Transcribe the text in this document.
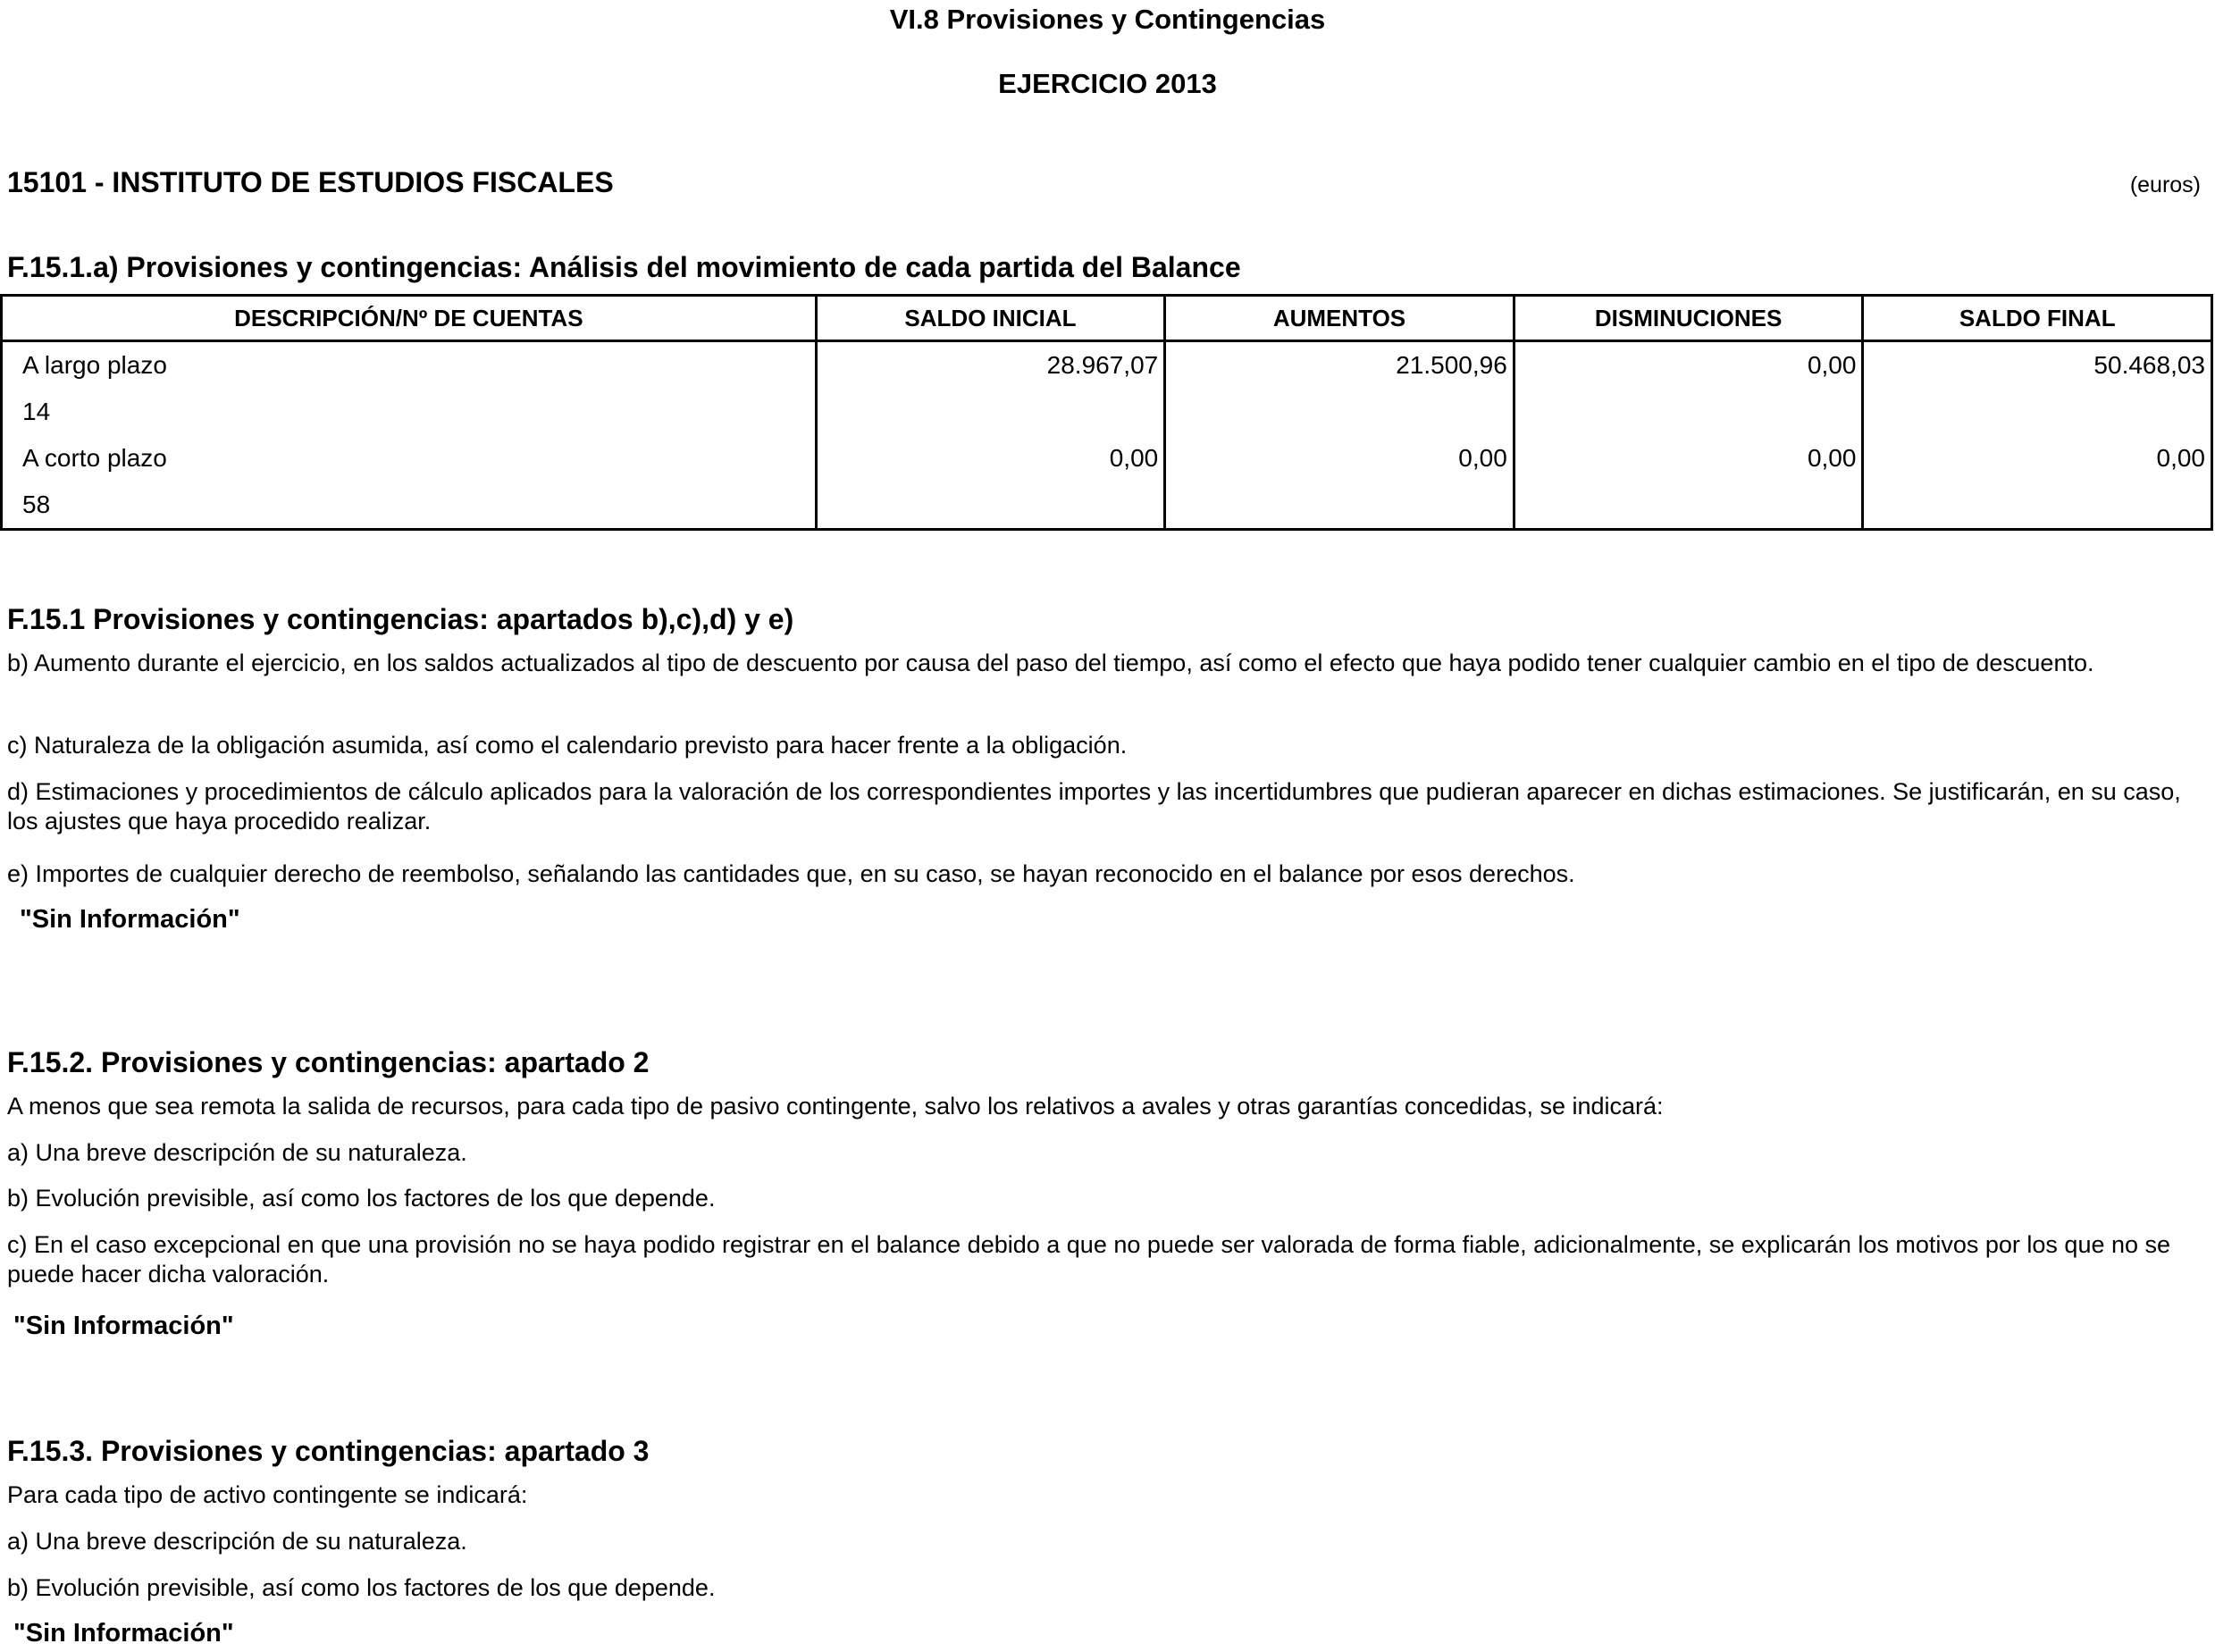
VI.8 Provisiones y Contingencias
EJERCICIO 2013
15101 - INSTITUTO DE ESTUDIOS FISCALES	(euros)
F.15.1.a) Provisiones y contingencias: Análisis del movimiento de cada partida del Balance
DESCRIPCIÓN/Nº DE CUENTAS	SALDO INICIAL	AUMENTOS	DISMINUCIONES	SALDO FINAL
A largo plazo	28.967,07	21.500,96	0,00	50.468,03
14				
A corto plazo	0,00	0,00	0,00	0,00
58				
F.15.1 Provisiones y contingencias: apartados b),c),d) y e)
b) Aumento durante el ejercicio, en los saldos actualizados al tipo de descuento por causa del paso del tiempo, así como el efecto que haya podido tener cualquier cambio en el tipo de descuento.
c) Naturaleza de la obligación asumida, así como el calendario previsto para hacer frente a la obligación.
d) Estimaciones y procedimientos de cálculo aplicados para la valoración de los correspondientes importes y las incertidumbres que pudieran aparecer en dichas estimaciones. Se justificarán, en su caso, los ajustes que haya procedido realizar.
e) Importes de cualquier derecho de reembolso, señalando las cantidades que, en su caso, se hayan reconocido en el balance por esos derechos.
"Sin Información"
F.15.2. Provisiones y contingencias: apartado 2
A menos que sea remota la salida de recursos, para cada tipo de pasivo contingente, salvo los relativos a avales y otras garantías concedidas, se indicará:
a) Una breve descripción de su naturaleza.
b) Evolución previsible, así como los factores de los que depende.
c) En el caso excepcional en que una provisión no se haya podido registrar en el balance debido a que no puede ser valorada de forma fiable, adicionalmente, se explicarán los motivos por los que no se puede hacer dicha valoración.
"Sin Información"
F.15.3. Provisiones y contingencias: apartado 3
Para cada tipo de activo contingente se indicará:
a) Una breve descripción de su naturaleza.
b) Evolución previsible, así como los factores de los que depende.
"Sin Información"
